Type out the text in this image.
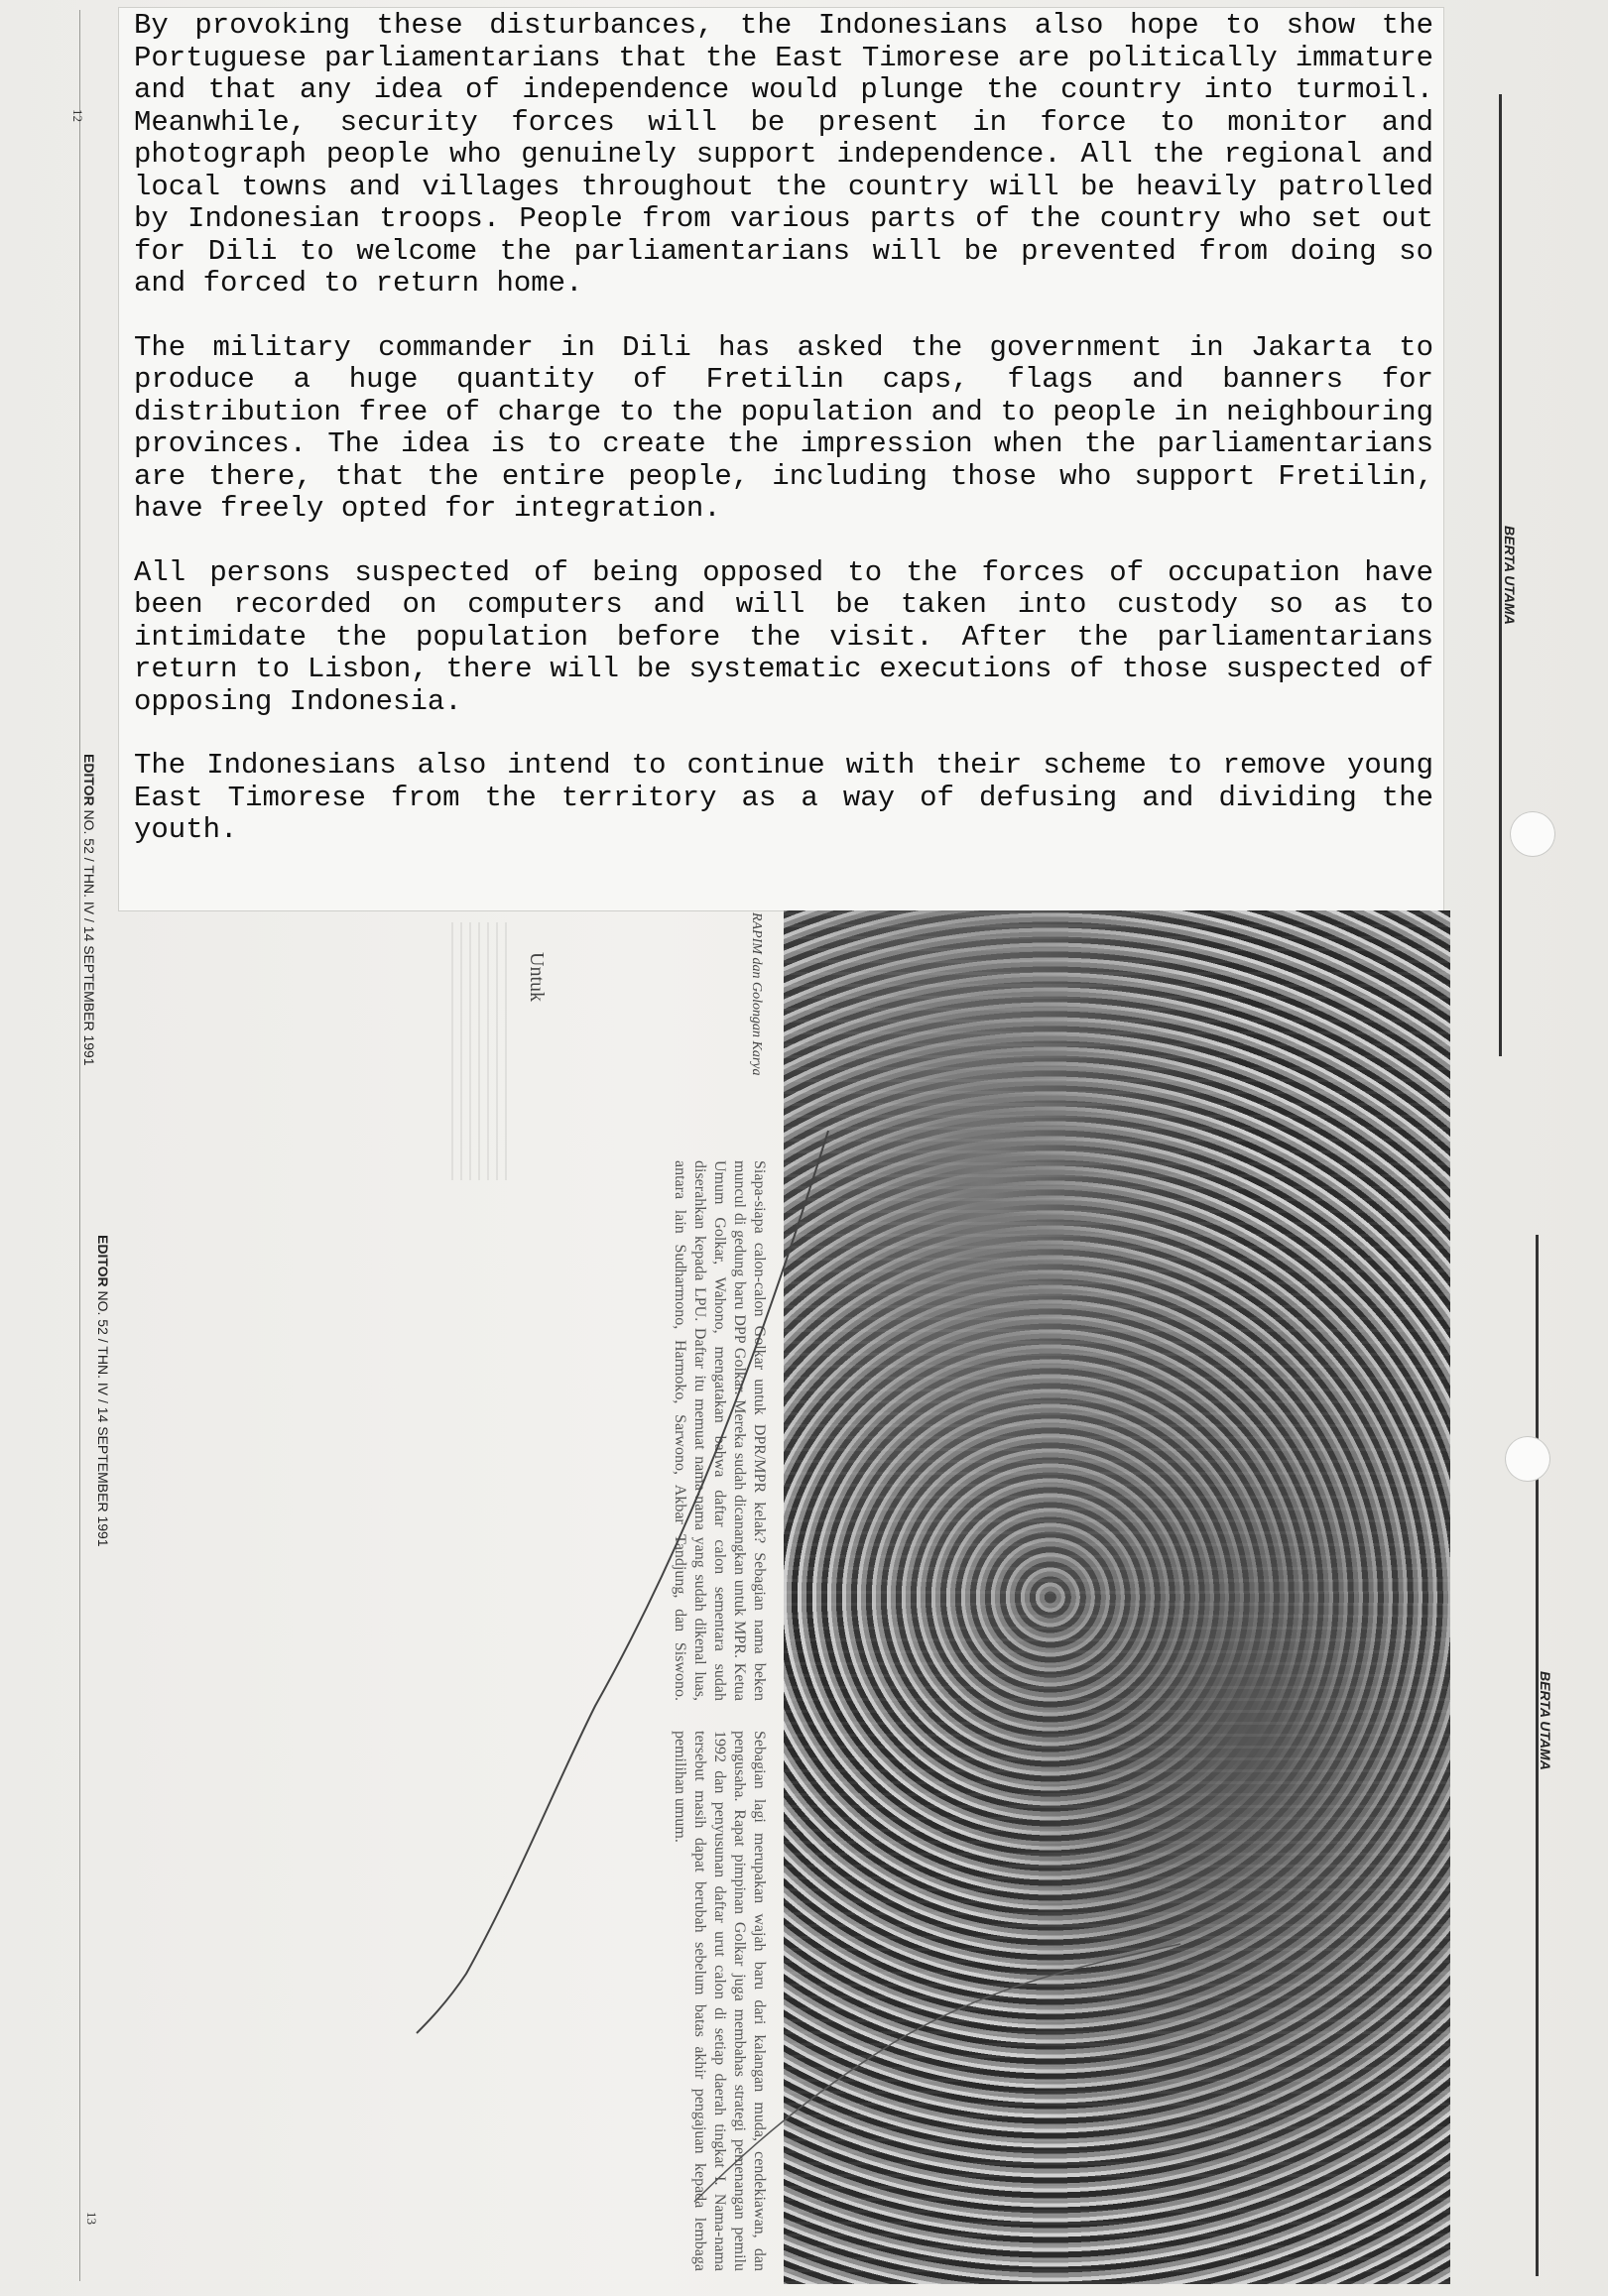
By provoking these disturbances, the Indonesians also hope to show the Portuguese parliamentarians that the East Timorese are politically immature and that any idea of independence would plunge the country into turmoil. Meanwhile, security forces will be present in force to monitor and photograph people who genuinely support independence. All the regional and local towns and villages throughout the country will be heavily patrolled by Indonesian troops. People from various parts of the country who set out for Dili to welcome the parliamentarians will be prevented from doing so and forced to return home.

The military commander in Dili has asked the government in Jakarta to produce a huge quantity of Fretilin caps, flags and banners for distribution free of charge to the population and to people in neighbouring provinces. The idea is to create the impression when the parliamentarians are there, that the entire people, including those who support Fretilin, have freely opted for integration.

All persons suspected of being opposed to the forces of occupation have been recorded on computers and will be taken into custody so as to intimidate the population before the visit. After the parliamentarians return to Lisbon, there will be systematic executions of those suspected of opposing Indonesia.

The Indonesians also intend to continue with their scheme to remove young East Timorese from the territory as a way of defusing and dividing the youth.

Untuk	RAPIM dan Golongan Karya
Siapa-siapa calon-calon Golkar untuk DPR/MPR kelak? Sebagian nama beken muncul di gedung baru DPP Golkar. Mereka sudah dicanangkan untuk MPR. Ketua Umum Golkar, Wahono, mengatakan bahwa daftar calon sementara sudah diserahkan kepada LPU. Daftar itu memuat nama-nama yang sudah dikenal luas, antara lain Sudharmono, Harmoko, Sarwono, Akbar Tandjung, dan Siswono. Sebagian lagi merupakan wajah baru dari kalangan muda, cendekiawan, dan pengusaha. Rapat pimpinan Golkar juga membahas strategi pemenangan pemilu 1992 dan penyusunan daftar urut calon di setiap daerah tingkat I. Nama-nama tersebut masih dapat berubah sebelum batas akhir pengajuan kepada lembaga pemilihan umum.
BERTA UTAMA
BERTA UTAMA
EDITOR NO. 52 / THN. IV / 14 SEPTEMBER 1991
EDITOR NO. 52 / THN. IV / 14 SEPTEMBER 1991
12
13
